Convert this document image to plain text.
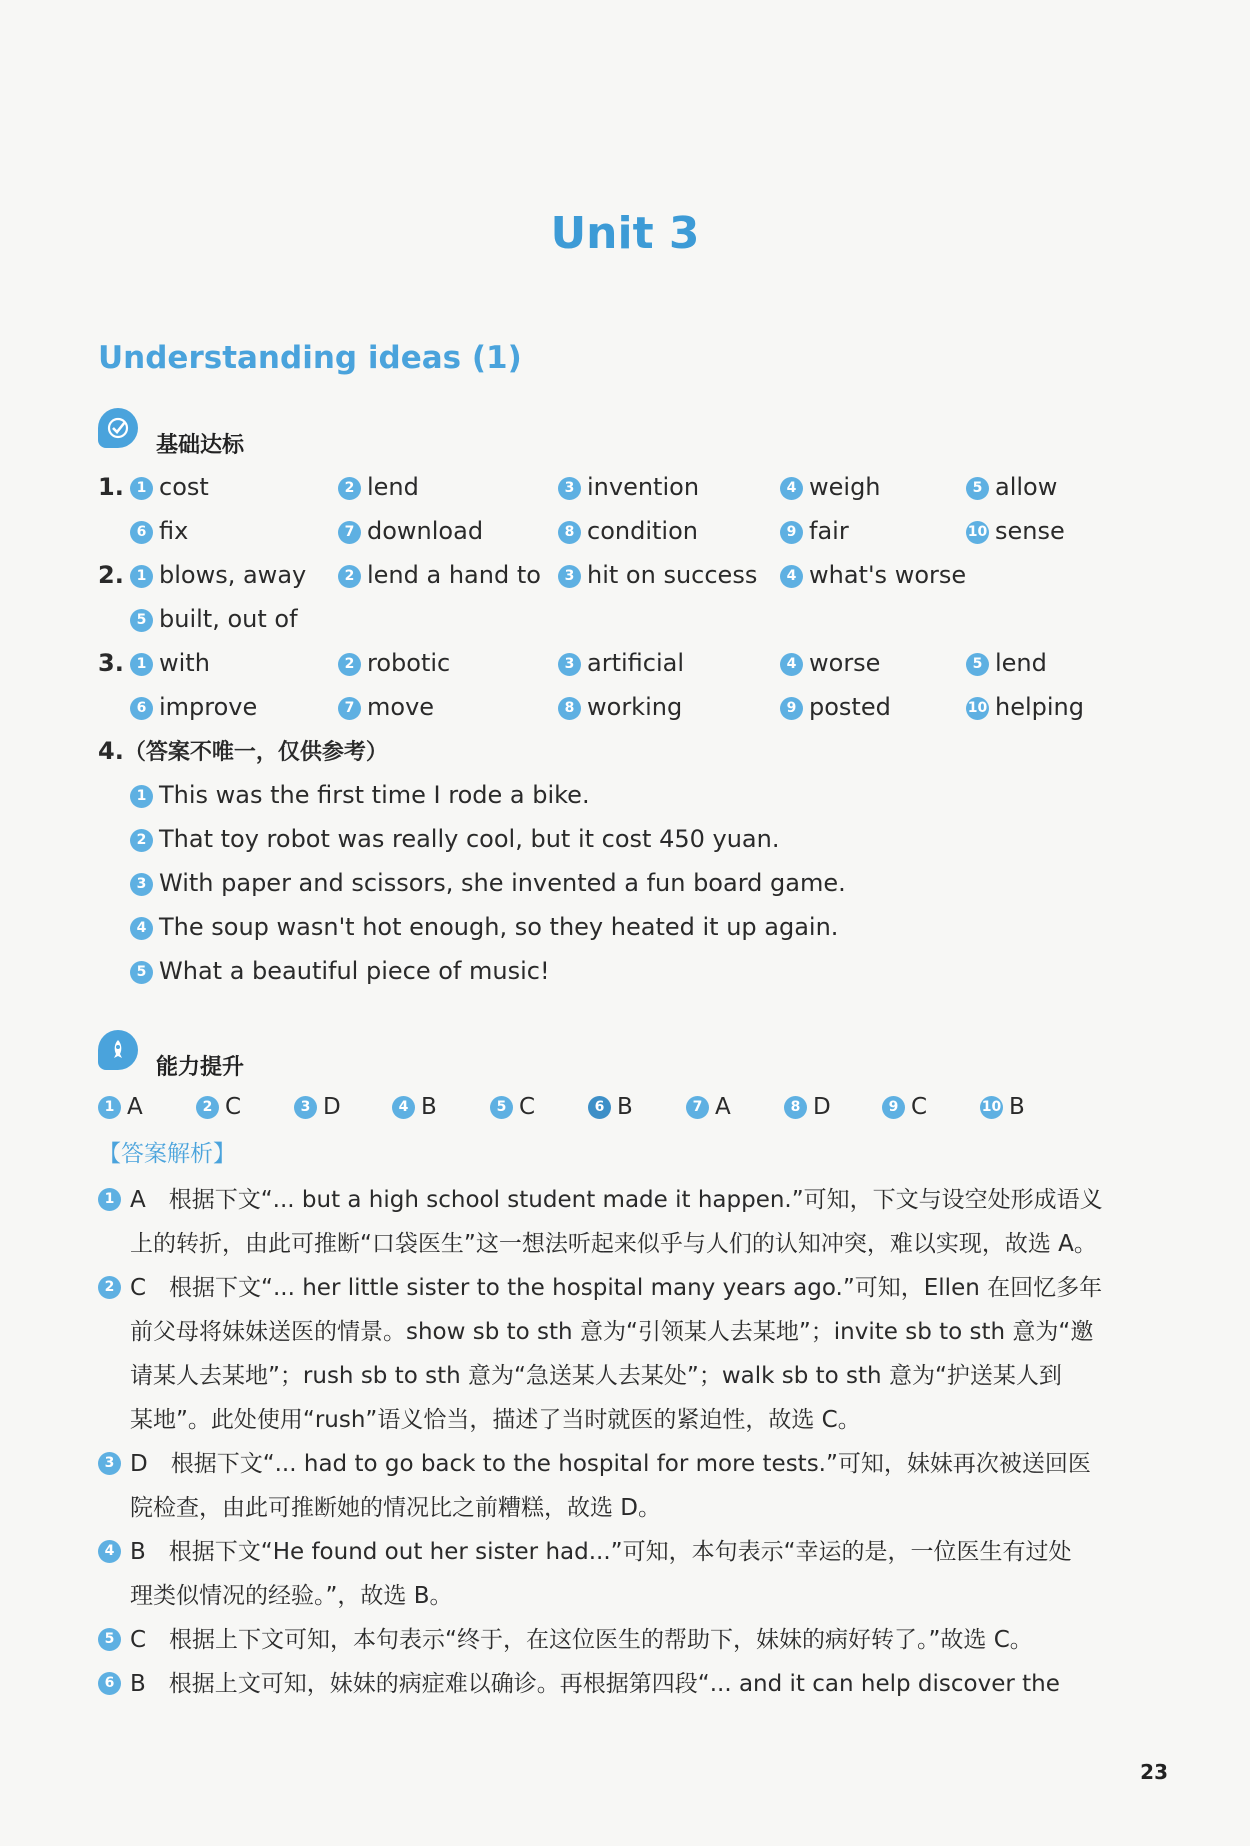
Unit 3
Understanding ideas (1)
基础达标
1. 1 cost	2 lend	3 invention	4 weigh	5 allow
6 fix	7 download	8 condition	9 fair	10 sense
2. 1 blows, away	2 lend a hand to	3 hit on success	4 what's worse
5 built, out of
3. 1 with	2 robotic	3 artificial	4 worse	5 lend
6 improve	7 move	8 working	9 posted	10 helping
4.（答案不唯一，仅供参考）
1 This was the first time I rode a bike.
2 That toy robot was really cool, but it cost 450 yuan.
3 With paper and scissors, she invented a fun board game.
4 The soup wasn't hot enough, so they heated it up again.
5 What a beautiful piece of music!
能力提升
1 A	2 C	3 D	4 B	5 C	6 B	7 A	8 D	9 C	10 B
【答案解析】
1 A　根据下文“... but a high school student made it happen.”可知，下文与设空处形成语义
上的转折，由此可推断“口袋医生”这一想法听起来似乎与人们的认知冲突，难以实现，故选 A。
2 C　根据下文“... her little sister to the hospital many years ago.”可知，Ellen 在回忆多年
前父母将妹妹送医的情景。show sb to sth 意为“引领某人去某地”；invite sb to sth 意为“邀
请某人去某地”；rush sb to sth 意为“急送某人去某处”；walk sb to sth 意为“护送某人到
某地”。此处使用“rush”语义恰当，描述了当时就医的紧迫性，故选 C。
3 D　根据下文“... had to go back to the hospital for more tests.”可知，妹妹再次被送回医
院检查，由此可推断她的情况比之前糟糕，故选 D。
4 B　根据下文“He found out her sister had...”可知，本句表示“幸运的是，一位医生有过处
理类似情况的经验。”，故选 B。
5 C　根据上下文可知，本句表示“终于，在这位医生的帮助下，妹妹的病好转了。”故选 C。
6 B　根据上文可知，妹妹的病症难以确诊。再根据第四段“... and it can help discover the
23
